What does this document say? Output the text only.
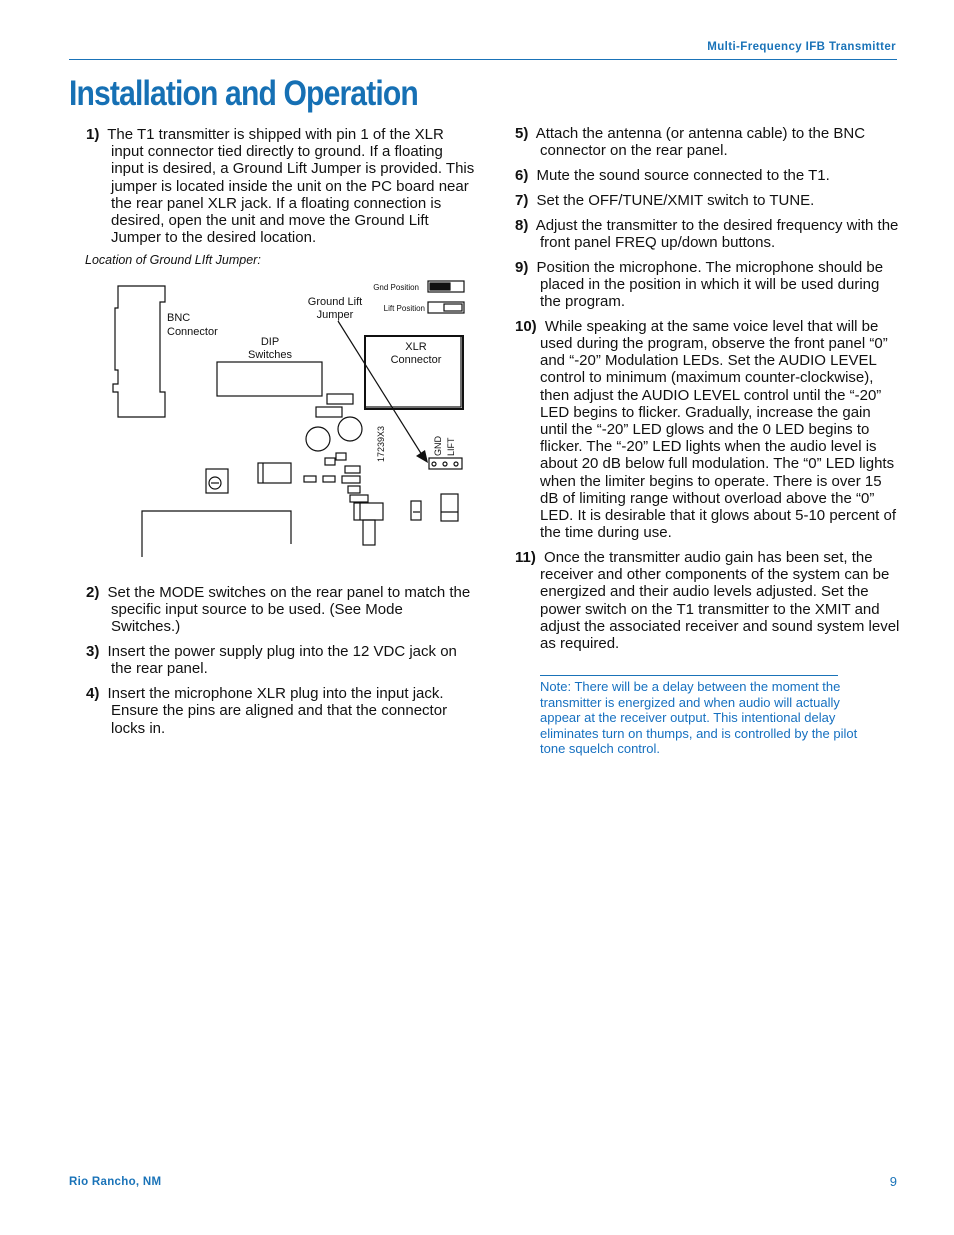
Multi-Frequency IFB Transmitter
Installation and Operation
1) The T1 transmitter is shipped with pin 1 of the XLR input connector tied directly to ground. If a floating input is desired, a Ground Lift Jumper is provided. This jumper is located inside the unit on the PC board near the rear panel XLR jack. If a floating connection is desired, open the unit and move the Ground Lift Jumper to the desired location.
Location of Ground LIft Jumper:
BNC
Connector
DIP
Switches
Ground Lift
Jumper
XLR
Connector
Gnd Position
Lift Position
17239X3	GND LIFT
2) Set the MODE switches on the rear panel to match the specific input source to be used. (See Mode Switches.)
3) Insert the power supply plug into the 12 VDC jack on the rear panel.
4) Insert the microphone XLR plug into the input jack. Ensure the pins are aligned and that the connector locks in.
5) Attach the antenna (or antenna cable) to the BNC connector on the rear panel.
6) Mute the sound source connected to the T1.
7) Set the OFF/TUNE/XMIT switch to TUNE.
8) Adjust the transmitter to the desired frequency with the front panel FREQ up/down buttons.
9) Position the microphone. The microphone should be placed in the position in which it will be used during the program.
10) While speaking at the same voice level that will be used during the program, observe the front panel “0” and “-20” Modulation LEDs. Set the AUDIO LEVEL control to minimum (maximum counter-clockwise), then adjust the AUDIO LEVEL control until the “-20” LED begins to flicker. Gradually, increase the gain until the “-20” LED glows and the 0 LED begins to flicker. The “-20” LED lights when the audio level is about 20 dB below full modulation. The “0” LED lights when the limiter begins to operate. There is over 15 dB of limiting range without overload above the “0” LED. It is desirable that it glows about 5-10 percent of the time during use.
11) Once the transmitter audio gain has been set, the receiver and other components of the system can be energized and their audio levels adjusted. Set the power switch on the T1 transmitter to the XMIT and adjust the associated receiver and sound system level as required.
Note: There will be a delay between the moment the transmitter is energized and when audio will actually appear at the receiver output. This intentional delay eliminates turn on thumps, and is controlled by the pilot tone squelch control.
Rio Rancho, NM	9
